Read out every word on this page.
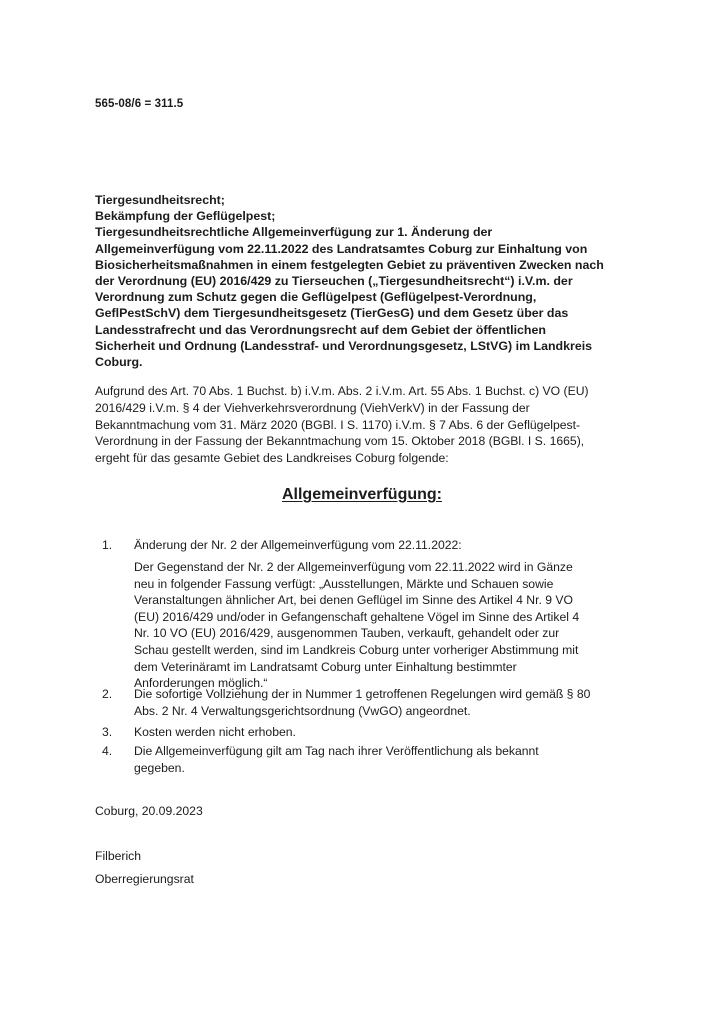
565-08/6 = 311.5
Tiergesundheitsrecht;
Bekämpfung der Geflügelpest;
Tiergesundheitsrechtliche Allgemeinverfügung zur 1. Änderung der
Allgemeinverfügung vom 22.11.2022 des Landratsamtes Coburg zur Einhaltung von
Biosicherheitsmaßnahmen in einem festgelegten Gebiet zu präventiven Zwecken nach
der Verordnung (EU) 2016/429 zu Tierseuchen („Tiergesundheitsrecht“) i.V.m. der
Verordnung zum Schutz gegen die Geflügelpest (Geflügelpest-Verordnung,
GeflPestSchV) dem Tiergesundheitsgesetz (TierGesG) und dem Gesetz über das
Landesstrafrecht und das Verordnungsrecht auf dem Gebiet der öffentlichen
Sicherheit und Ordnung (Landesstraf- und Verordnungsgesetz, LStVG) im Landkreis
Coburg.
Aufgrund des Art. 70 Abs. 1 Buchst. b) i.V.m. Abs. 2 i.V.m. Art. 55 Abs. 1 Buchst. c) VO (EU)
2016/429 i.V.m. § 4 der Viehverkehrsverordnung (ViehVerkV) in der Fassung der
Bekanntmachung vom 31. März 2020 (BGBl. I S. 1170) i.V.m. § 7 Abs. 6 der Geflügelpest-
Verordnung in der Fassung der Bekanntmachung vom 15. Oktober 2018 (BGBl. I S. 1665),
ergeht für das gesamte Gebiet des Landkreises Coburg folgende:
Allgemeinverfügung:
1. Änderung der Nr. 2 der Allgemeinverfügung vom 22.11.2022:
Der Gegenstand der Nr. 2 der Allgemeinverfügung vom 22.11.2022 wird in Gänze
neu in folgender Fassung verfügt: „Ausstellungen, Märkte und Schauen sowie
Veranstaltungen ähnlicher Art, bei denen Geflügel im Sinne des Artikel 4 Nr. 9 VO
(EU) 2016/429 und/oder in Gefangenschaft gehaltene Vögel im Sinne des Artikel 4
Nr. 10 VO (EU) 2016/429, ausgenommen Tauben, verkauft, gehandelt oder zur
Schau gestellt werden, sind im Landkreis Coburg unter vorheriger Abstimmung mit
dem Veterinäramt im Landratsamt Coburg unter Einhaltung bestimmter
Anforderungen möglich.“
2. Die sofortige Vollziehung der in Nummer 1 getroffenen Regelungen wird gemäß § 80
Abs. 2 Nr. 4 Verwaltungsgerichtsordnung (VwGO) angeordnet.
3. Kosten werden nicht erhoben.
4. Die Allgemeinverfügung gilt am Tag nach ihrer Veröffentlichung als bekannt
gegeben.
Coburg, 20.09.2023
Filberich
Oberregierungsrat
